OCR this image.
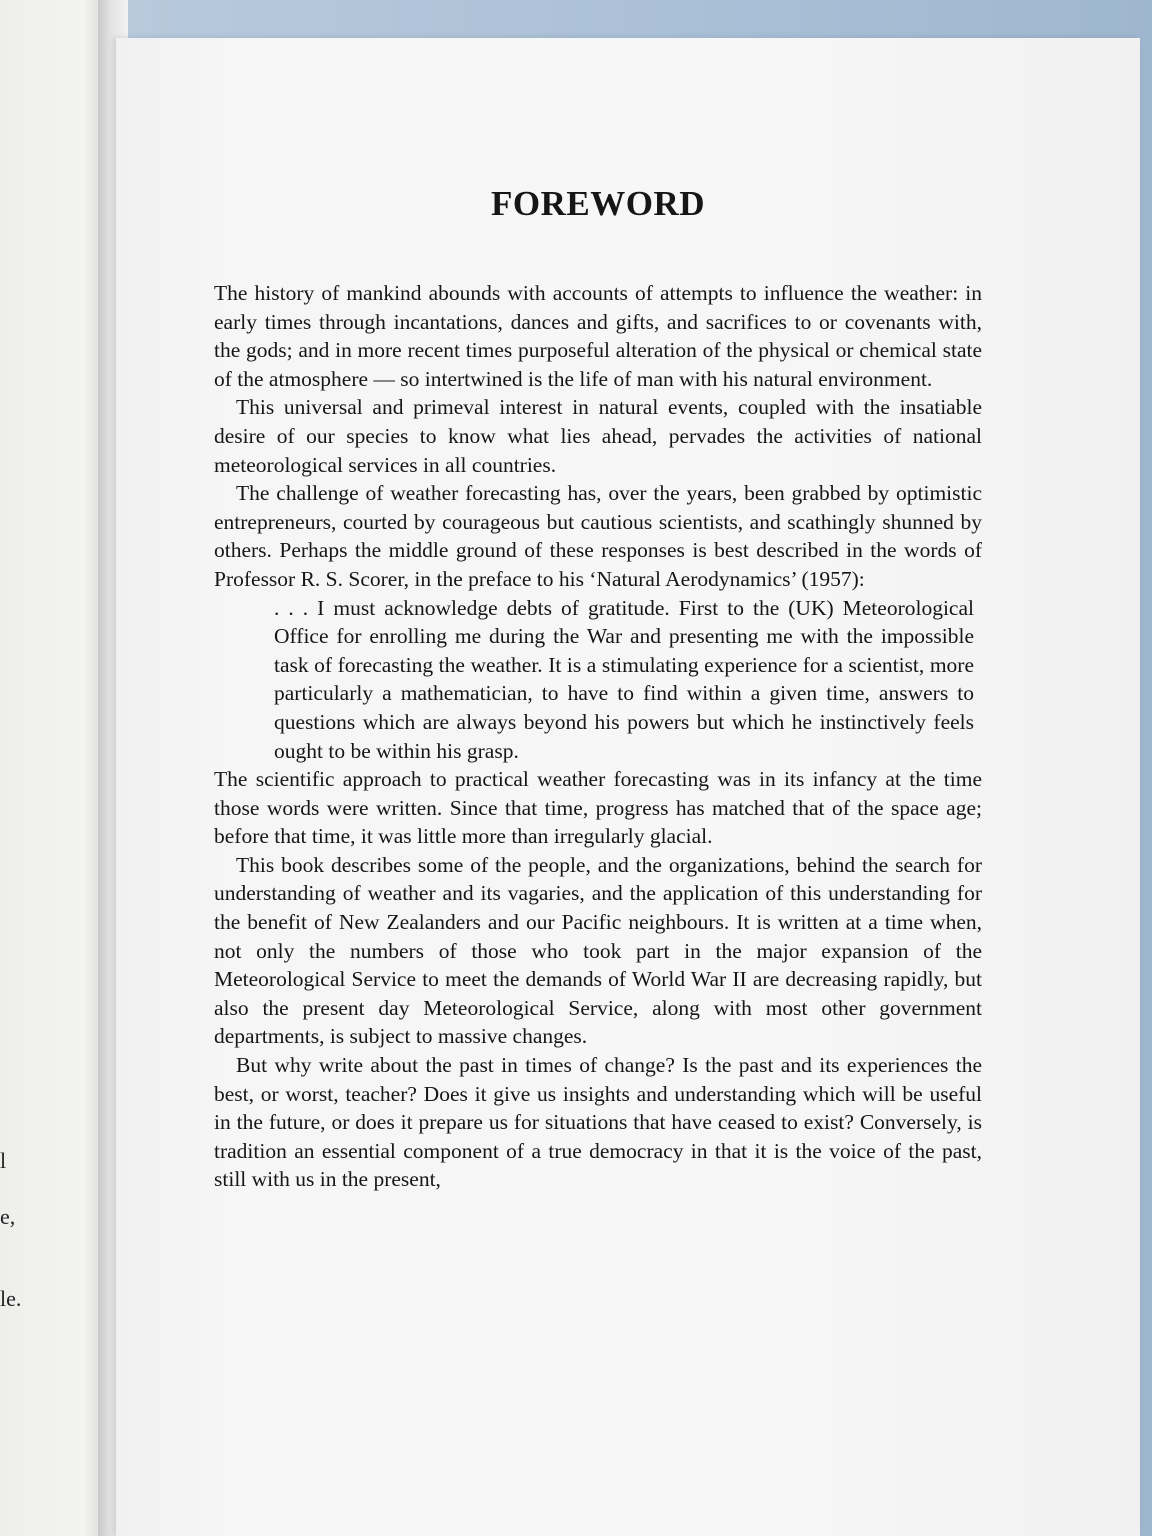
l
e,
le.
FOREWORD

The history of mankind abounds with accounts of attempts to influence the weather: in early times through incantations, dances and gifts, and sacrifices to or covenants with, the gods; and in more recent times purposeful alteration of the physical or chemical state of the atmosphere — so intertwined is the life of man with his natural environment.

This universal and primeval interest in natural events, coupled with the insatiable desire of our species to know what lies ahead, pervades the activities of national meteorological services in all countries.

The challenge of weather forecasting has, over the years, been grabbed by optimistic entrepreneurs, courted by courageous but cautious scientists, and scathingly shunned by others. Perhaps the middle ground of these responses is best described in the words of Professor R. S. Scorer, in the preface to his ‘Natural Aerodynamics’ (1957):

. . . I must acknowledge debts of gratitude. First to the (UK) Meteorological Office for enrolling me during the War and presenting me with the impossible task of forecasting the weather. It is a stimulating experience for a scientist, more particularly a mathematician, to have to find within a given time, answers to questions which are always beyond his powers but which he instinctively feels ought to be within his grasp.

The scientific approach to practical weather forecasting was in its infancy at the time those words were written. Since that time, progress has matched that of the space age; before that time, it was little more than irregularly glacial.

This book describes some of the people, and the organizations, behind the search for understanding of weather and its vagaries, and the application of this understanding for the benefit of New Zealanders and our Pacific neighbours. It is written at a time when, not only the numbers of those who took part in the major expansion of the Meteorological Service to meet the demands of World War II are decreasing rapidly, but also the present day Meteorological Service, along with most other government departments, is subject to massive changes.

But why write about the past in times of change? Is the past and its experiences the best, or worst, teacher? Does it give us insights and understanding which will be useful in the future, or does it prepare us for situations that have ceased to exist? Conversely, is tradition an essential component of a true democracy in that it is the voice of the past, still with us in the present,
